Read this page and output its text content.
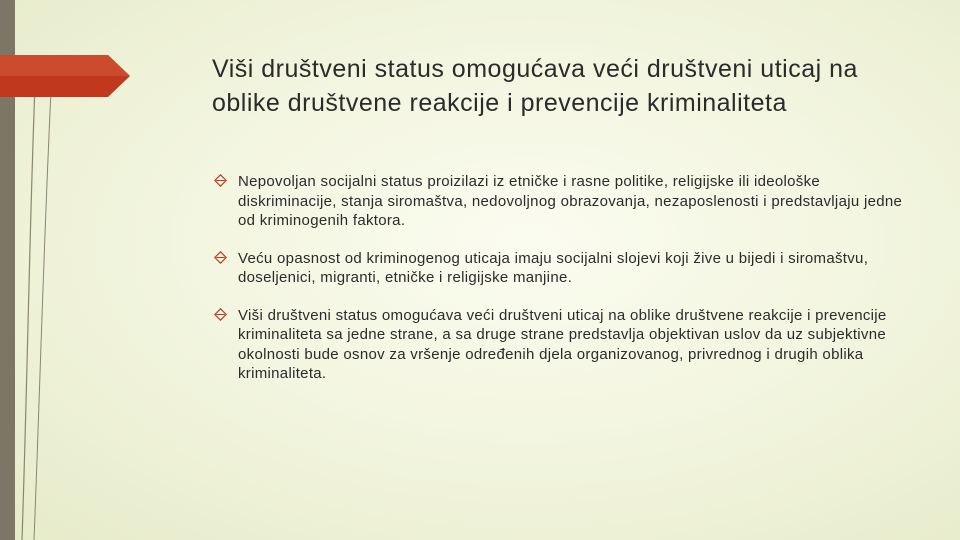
Viši društveni status omogućava veći društveni uticaj na oblike društvene reakcije i prevencije kriminaliteta
Nepovoljan socijalni status proizilazi iz etničke i rasne politike, religijske ili ideološke diskriminacije, stanja siromaštva, nedovoljnog obrazovanja, nezaposlenosti i predstavljaju jedne od kriminogenih faktora.
Veću opasnost od kriminogenog uticaja imaju socijalni slojevi koji žive u bijedi i siromaštvu, doseljenici, migranti, etničke i religijske manjine.
Viši društveni status omogućava veći društveni uticaj na oblike društvene reakcije i prevencije kriminaliteta sa jedne strane, a sa druge strane predstavlja objektivan uslov da uz subjektivne okolnosti bude osnov za vršenje određenih djela organizovanog, privrednog i drugih oblika kriminaliteta.
